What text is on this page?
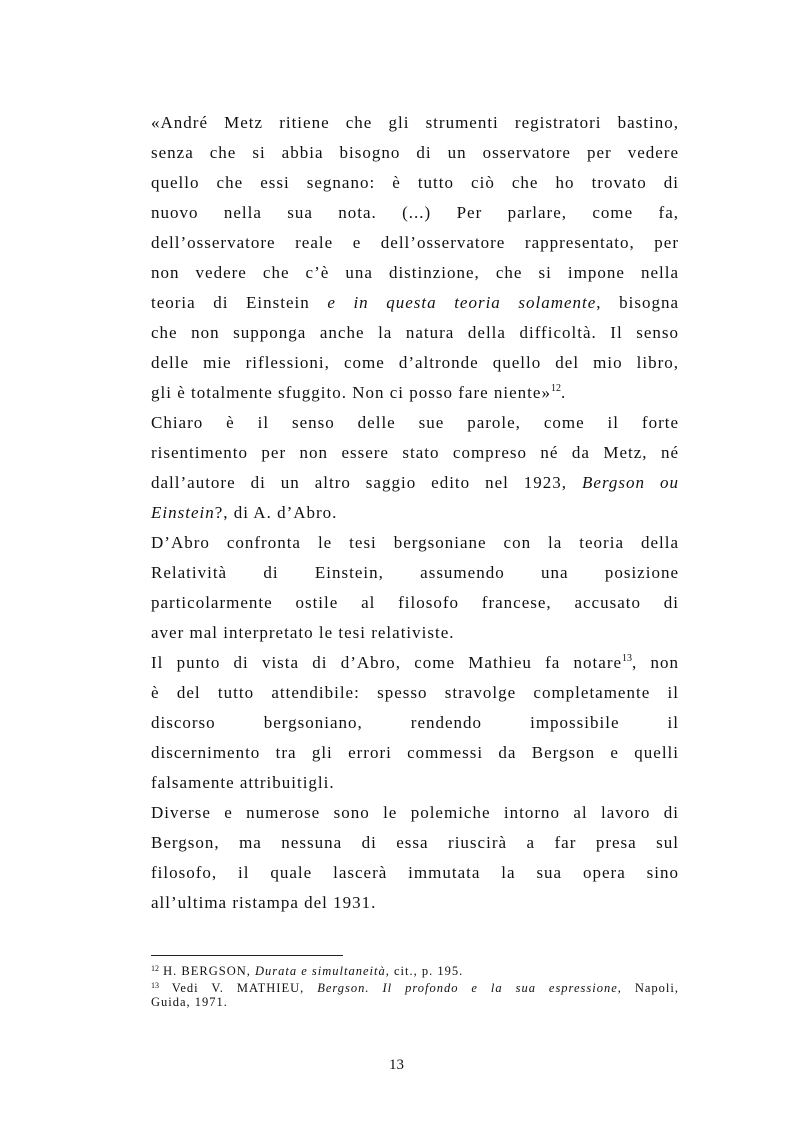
«André Metz ritiene che gli strumenti registratori bastino,
senza che si abbia bisogno di un osservatore per vedere
quello che essi segnano: è tutto ciò che ho trovato di
nuovo nella sua nota. (...) Per parlare, come fa,
dell’osservatore reale e dell’osservatore rappresentato, per
non vedere che c’è una distinzione, che si impone nella
teoria di Einstein e in questa teoria solamente, bisogna
che non supponga anche la natura della difficoltà. Il senso
delle mie riflessioni, come d’altronde quello del mio libro,
gli è totalmente sfuggito. Non ci posso fare niente»$^{12}$.
Chiaro è il senso delle sue parole, come il forte
risentimento per non essere stato compreso né da Metz, né
dall’autore di un altro saggio edito nel 1923, Bergson ou
Einstein?, di A. d’Abro.
D’Abro confronta le tesi bergsoniane con la teoria della
Relatività di Einstein, assumendo una posizione
particolarmente ostile al filosofo francese, accusato di
aver mal interpretato le tesi relativiste.
Il punto di vista di d’Abro, come Mathieu fa notare$^{13}$, non
è del tutto attendibile: spesso stravolge completamente il
discorso bergsoniano, rendendo impossibile il
discernimento tra gli errori commessi da Bergson e quelli
falsamente attribuitigli.
Diverse e numerose sono le polemiche intorno al lavoro di
Bergson, ma nessuna di essa riuscirà a far presa sul
filosofo, il quale lascerà immutata la sua opera sino
all’ultima ristampa del 1931.
$^{12}$ H. BERGSON, Durata e simultaneità, cit., p. 195.
$^{13}$ Vedi V. MATHIEU, Bergson. Il profondo e la sua espressione, Napoli,
Guida, 1971.
13
